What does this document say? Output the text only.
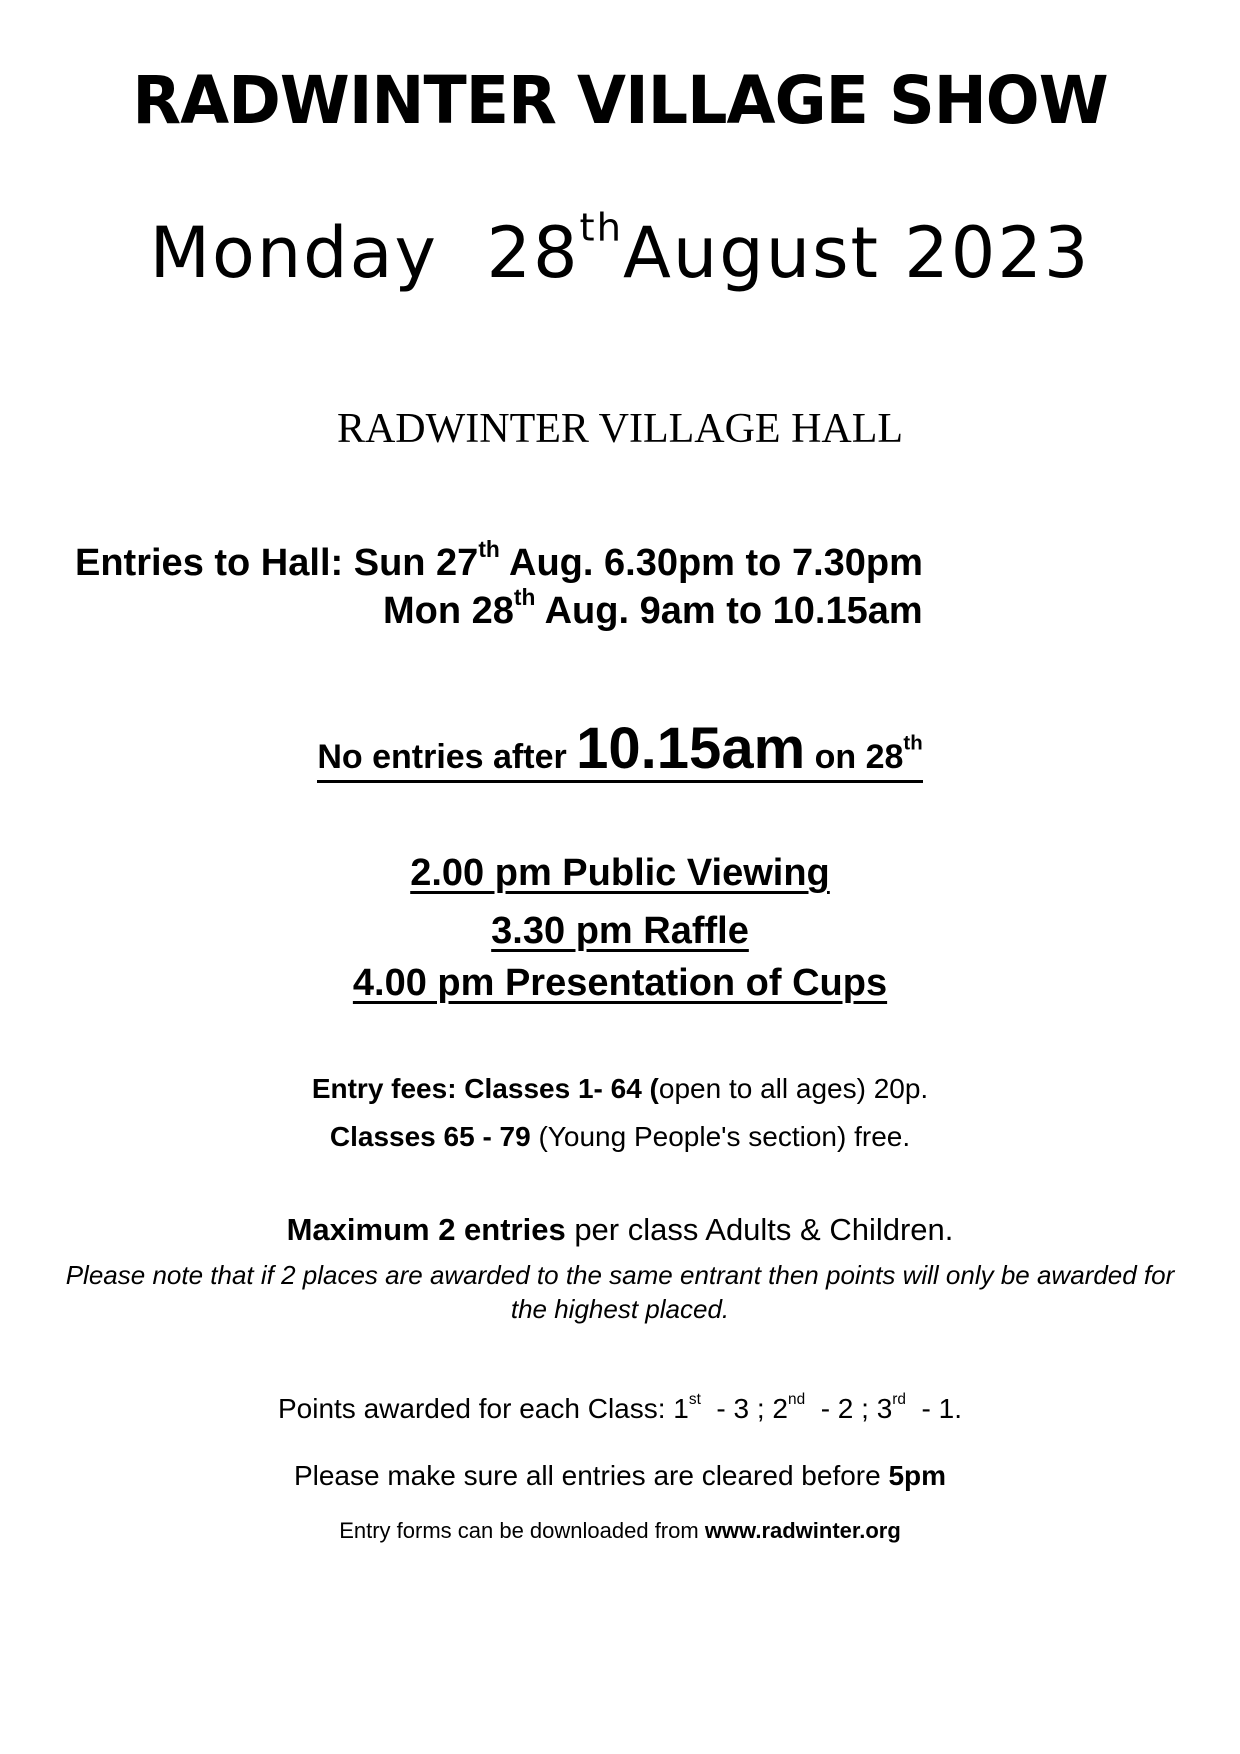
RADWINTER VILLAGE SHOW
Monday 28thAugust 2023
RADWINTER VILLAGE HALL
Entries to Hall: Sun 27th Aug. 6.30pm to 7.30pm
Mon 28th Aug. 9am to 10.15am
No entries after 10.15am on 28th
2.00 pm Public Viewing
3.30 pm Raffle
4.00 pm Presentation of Cups
Entry fees: Classes 1- 64 (open to all ages) 20p.
Classes 65 - 79 (Young People's section) free.
Maximum 2 entries per class Adults & Children.
Please note that if 2 places are awarded to the same entrant then points will only be awarded for the highest placed.
Points awarded for each Class: 1st  - 3 ; 2nd  - 2 ; 3rd  - 1.
Please make sure all entries are cleared before 5pm
Entry forms can be downloaded from www.radwinter.org
